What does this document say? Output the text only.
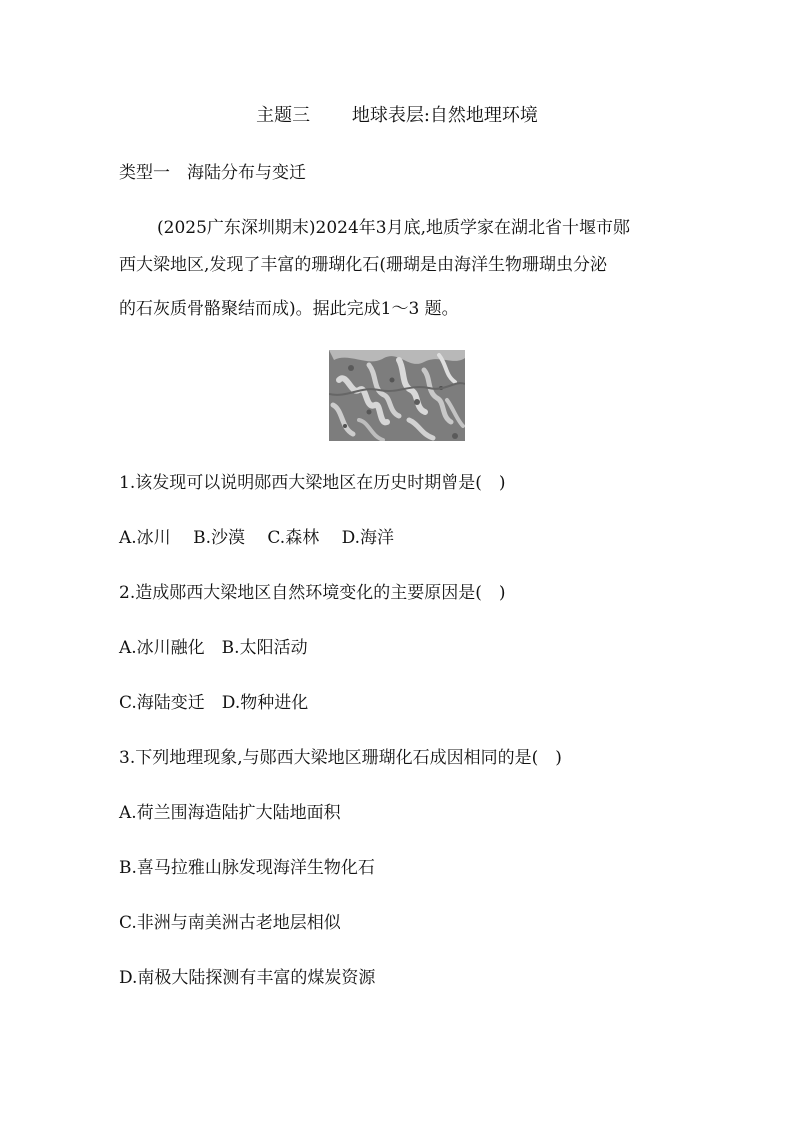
主题三　 　 地球表层:自然地理环境

类型一　海陆分布与变迁

(2025广东深圳期末)2024年3月底,地质学家在湖北省十堰市郧

西大梁地区,发现了丰富的珊瑚化石(珊瑚是由海洋生物珊瑚虫分泌

的石灰质骨骼聚结而成)。据此完成1～3 题。

1.该发现可以说明郧西大梁地区在历史时期曾是(　)

A.冰川　 B.沙漠　 C.森林　 D.海洋

2.造成郧西大梁地区自然环境变化的主要原因是(　)

A.冰川融化　B.太阳活动

C.海陆变迁　D.物种进化

3.下列地理现象,与郧西大梁地区珊瑚化石成因相同的是(　)

A.荷兰围海造陆扩大陆地面积

B.喜马拉雅山脉发现海洋生物化石

C.非洲与南美洲古老地层相似

D.南极大陆探测有丰富的煤炭资源
